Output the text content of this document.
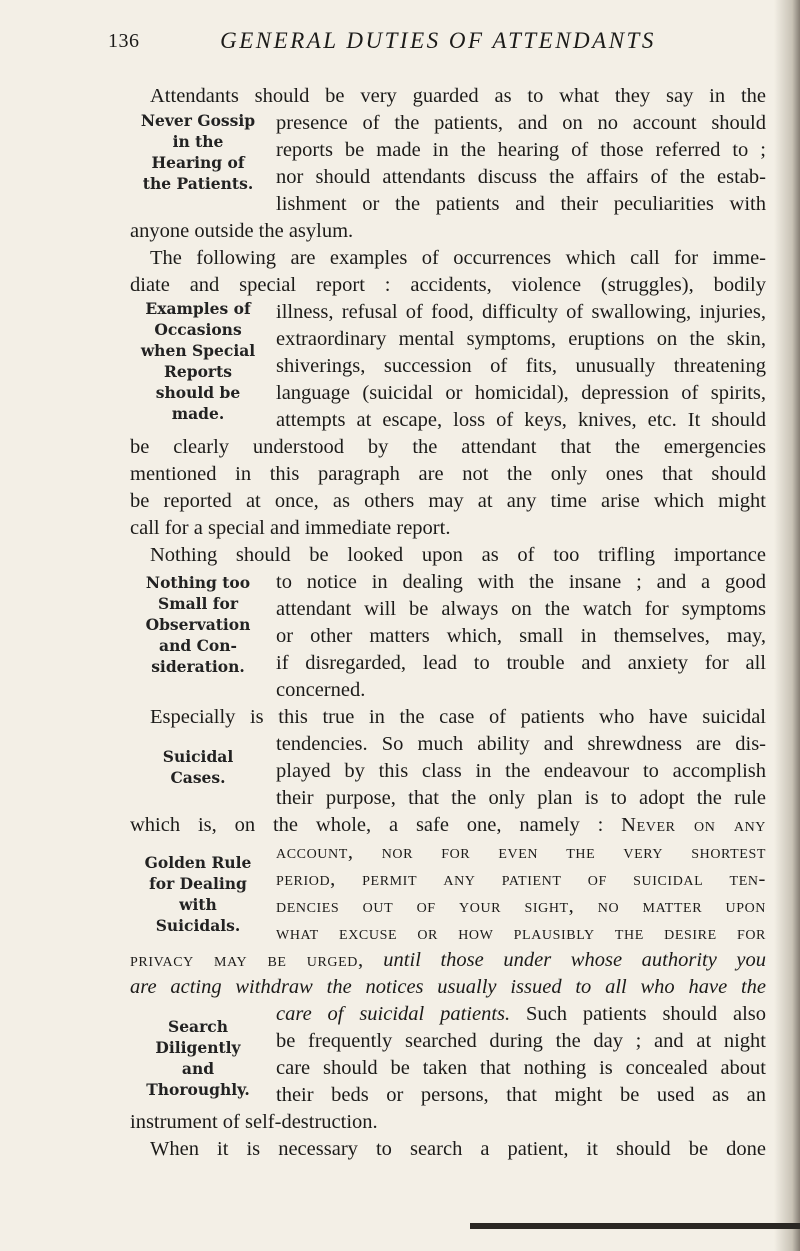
136	GENERAL DUTIES OF ATTENDANTS
Attendants should be very guarded as to what they say in the
presence of the patients, and on no account should
reports be made in the hearing of those referred to ;
nor should attendants discuss the affairs of the estab-
lishment or the patients and their peculiarities with
anyone outside the asylum.
The following are examples of occurrences which call for imme-
diate and special report : accidents, violence (struggles), bodily
illness, refusal of food, difficulty of swallowing, injuries,
extraordinary mental symptoms, eruptions on the skin,
shiverings, succession of fits, unusually threatening
language (suicidal or homicidal), depression of spirits,
attempts at escape, loss of keys, knives, etc. It should
be clearly understood by the attendant that the emergencies
mentioned in this paragraph are not the only ones that should
be reported at once, as others may at any time arise which might
call for a special and immediate report.
Nothing should be looked upon as of too trifling importance
to notice in dealing with the insane ; and a good
attendant will be always on the watch for symptoms
or other matters which, small in themselves, may,
if disregarded, lead to trouble and anxiety for all
concerned.
Especially is this true in the case of patients who have suicidal
tendencies. So much ability and shrewdness are dis-
played by this class in the endeavour to accomplish
their purpose, that the only plan is to adopt the rule
which is, on the whole, a safe one, namely : Never on any
account, nor for even the very shortest
period, permit any patient of suicidal ten-
dencies out of your sight, no matter upon
what excuse or how plausibly the desire for
privacy may be urged, until those under whose authority you
are acting withdraw the notices usually issued to all who have the
care of suicidal patients. Such patients should also
be frequently searched during the day ; and at night
care should be taken that nothing is concealed about
their beds or persons, that might be used as an
instrument of self-destruction.
When it is necessary to search a patient, it should be done
Never Gossip
in the
Hearing of
the Patients.
Examples of
Occasions
when Special
Reports
should be
made.
Nothing too
Small for
Observation
and Con-
sideration.
Suicidal
Cases.
Golden Rule
for Dealing
with
Suicidals.
Search
Diligently
and
Thoroughly.
